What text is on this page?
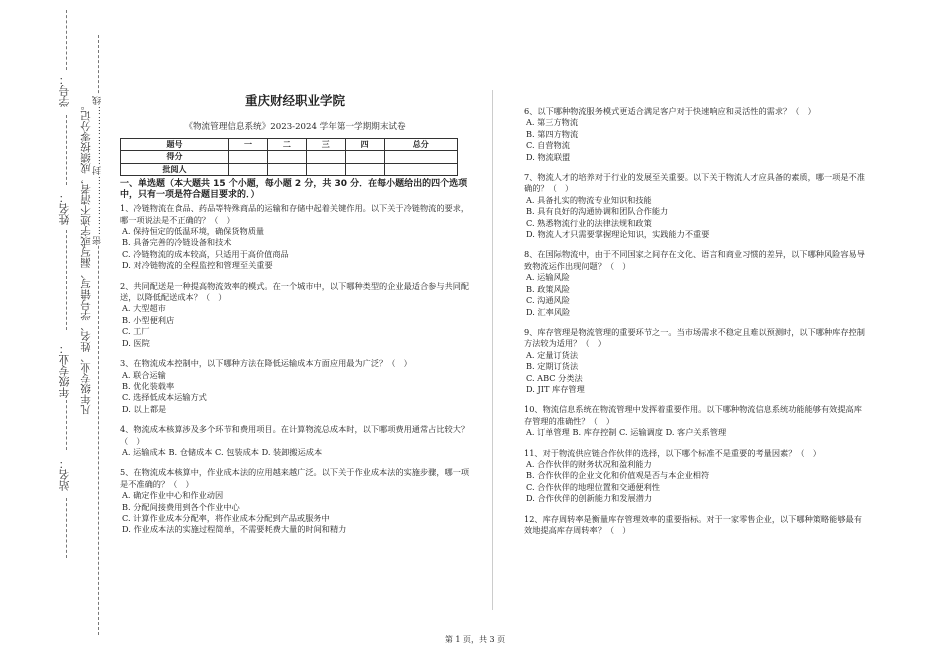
学号：
姓名：
年级专业：
站名：
凡年级专业、姓名、学号错写、漏写或字迹不清者，成绩按零分记。 密………………封………………线	重庆财经职业学院
《物流管理信息系统》2023-2024 学年第一学期期末试卷
题号	一	二	三	四	总分
得分					
批阅人					
一、单选题（本大题共 15 个小题，每小题 2 分，共 30 分．在每小题给出的四个选项中，只有一项是符合题目要求的．）
1、冷链物流在食品、药品等特殊商品的运输和存储中起着关键作用。以下关于冷链物流的要求，哪一项说法是不正确的？（　）
A. 保持恒定的低温环境，确保货物质量
B. 具备完善的冷链设备和技术
C. 冷链物流的成本较高，只适用于高价值商品
D. 对冷链物流的全程监控和管理至关重要
2、共同配送是一种提高物流效率的模式。在一个城市中，以下哪种类型的企业最适合参与共同配送，以降低配送成本？（　）
A. 大型超市
B. 小型便利店
C. 工厂
D. 医院
3、在物流成本控制中，以下哪种方法在降低运输成本方面应用最为广泛？（　）
A. 联合运输
B. 优化装载率
C. 选择低成本运输方式
D. 以上都是
4、物流成本核算涉及多个环节和费用项目。在计算物流总成本时，以下哪项费用通常占比较大？（　）
A. 运输成本 B. 仓储成本 C. 包装成本 D. 装卸搬运成本
5、在物流成本核算中，作业成本法的应用越来越广泛。以下关于作业成本法的实施步骤，哪一项是不准确的？（　）
A. 确定作业中心和作业动因
B. 分配间接费用到各个作业中心
C. 计算作业成本分配率，将作业成本分配到产品或服务中
D. 作业成本法的实施过程简单，不需要耗费大量的时间和精力
6、以下哪种物流服务模式更适合满足客户对于快速响应和灵活性的需求？（　）
A. 第三方物流
B. 第四方物流
C. 自营物流
D. 物流联盟
7、物流人才的培养对于行业的发展至关重要。以下关于物流人才应具备的素质，哪一项是不准确的？（　）
A. 具备扎实的物流专业知识和技能
B. 具有良好的沟通协调和团队合作能力
C. 熟悉物流行业的法律法规和政策
D. 物流人才只需要掌握理论知识，实践能力不重要
8、在国际物流中，由于不同国家之间存在文化、语言和商业习惯的差异，以下哪种风险容易导致物流运作出现问题？（　）
A. 运输风险
B. 政策风险
C. 沟通风险
D. 汇率风险
9、库存管理是物流管理的重要环节之一。当市场需求不稳定且难以预测时，以下哪种库存控制方法较为适用？（　）
A. 定量订货法
B. 定期订货法
C. ABC 分类法
D. JIT 库存管理
10、物流信息系统在物流管理中发挥着重要作用。以下哪种物流信息系统功能能够有效提高库存管理的准确性？（　）
A. 订单管理 B. 库存控制 C. 运输调度 D. 客户关系管理
11、对于物流供应链合作伙伴的选择，以下哪个标准不是重要的考量因素？（　）
A. 合作伙伴的财务状况和盈利能力
B. 合作伙伴的企业文化和价值观是否与本企业相符
C. 合作伙伴的地理位置和交通便利性
D. 合作伙伴的创新能力和发展潜力
12、库存周转率是衡量库存管理效率的重要指标。对于一家零售企业，以下哪种策略能够最有效地提高库存周转率？（　）
第 1 页，共 3 页
